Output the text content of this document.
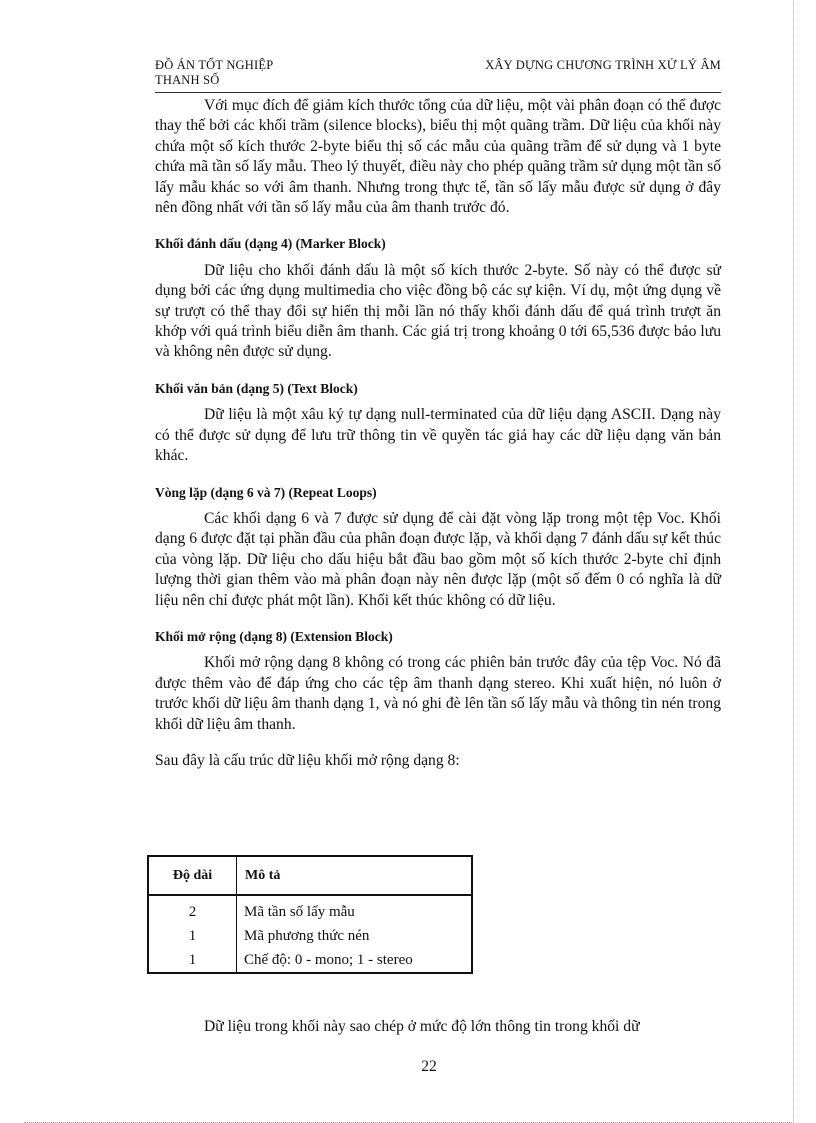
ĐỒ ÁN TỐT NGHIỆP
THANH SỐ
XÂY DỰNG CHƯƠNG TRÌNH XỬ LÝ ÂM

Với mục đích để giảm kích thước tổng của dữ liệu, một vài phân đoạn có thể được thay thế bởi các khối trầm (silence blocks), biểu thị một quãng trầm. Dữ liệu của khối này chứa một số kích thước 2-byte biểu thị số các mẫu của quãng trầm để sử dụng và 1 byte chứa mã tần số lấy mẫu. Theo lý thuyết, điều này cho phép quãng trầm sử dụng một tần số lấy mẫu khác so với âm thanh. Nhưng trong thực tế, tần số lấy mẫu được sử dụng ở đây nên đồng nhất với tần số lấy mẫu của âm thanh trước đó.

Khối đánh dấu (dạng 4) (Marker Block)

Dữ liệu cho khối đánh dấu là một số kích thước 2-byte. Số này có thể được sử dụng bởi các ứng dụng multimedia cho việc đồng bộ các sự kiện. Ví dụ, một ứng dụng về sự trượt có thể thay đổi sự hiển thị mỗi lần nó thấy khối đánh dấu để quá trình trượt ăn khớp với quá trình biểu diễn âm thanh. Các giá trị trong khoảng 0 tới 65,536 được bảo lưu và không nên được sử dụng.

Khối văn bản (dạng 5) (Text Block)

Dữ liệu là một xâu ký tự dạng null-terminated của dữ liệu dạng ASCII. Dạng này có thể được sử dụng để lưu trữ thông tin về quyền tác giả hay các dữ liệu dạng văn bản khác.

Vòng lặp (dạng 6 và 7) (Repeat Loops)

Các khối dạng 6 và 7 được sử dụng để cài đặt vòng lặp trong một tệp Voc. Khối dạng 6 được đặt tại phần đầu của phân đoạn được lặp, và khối dạng 7 đánh dấu sự kết thúc của vòng lặp. Dữ liệu cho dấu hiệu bắt đầu bao gồm một số kích thước 2-byte chỉ định lượng thời gian thêm vào mà phân đoạn này nên được lặp (một số đếm 0 có nghĩa là dữ liệu nên chỉ được phát một lần). Khối kết thúc không có dữ liệu.

Khối mở rộng (dạng 8) (Extension Block)

Khối mở rộng dạng 8 không có trong các phiên bản trước đây của tệp Voc. Nó đã được thêm vào để đáp ứng cho các tệp âm thanh dạng stereo. Khi xuất hiện, nó luôn ở trước khối dữ liệu âm thanh dạng 1, và nó ghi đè lên tần số lấy mẫu và thông tin nén trong khối dữ liệu âm thanh.

Sau đây là cấu trúc dữ liệu khối mở rộng dạng 8:

Độ dài	Mô tả
2	Mã tần số lấy mẫu
1	Mã phương thức nén
1	Chế độ: 0 - mono; 1 - stereo

Dữ liệu trong khối này sao chép ở mức độ lớn thông tin trong khối dữ

22
